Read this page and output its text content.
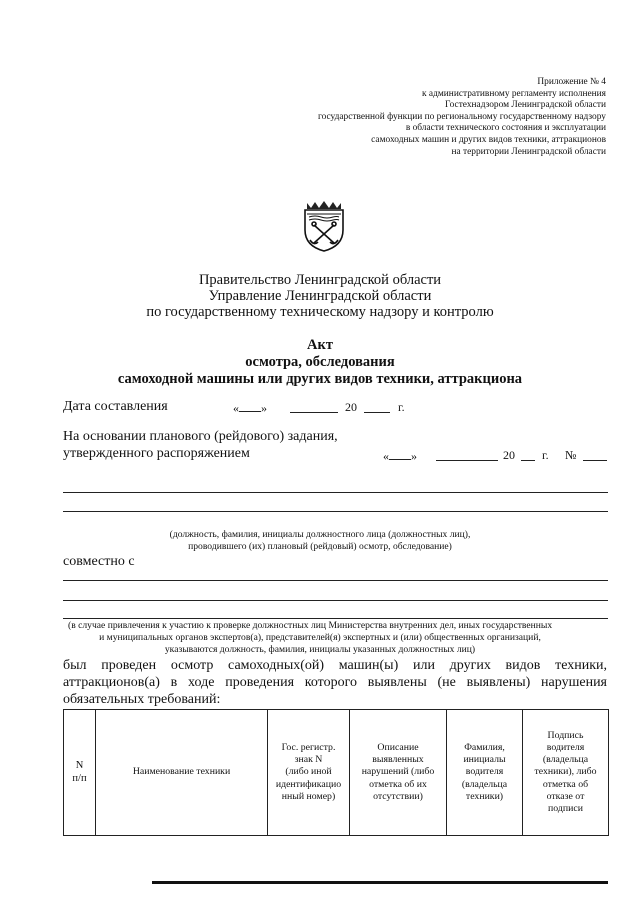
Приложение № 4
к административному регламенту исполнения
Гостехнадзором Ленинградской области
государственной функции по региональному государственному надзору
в области технического состояния и эксплуатации
самоходных машин и других видов техники, аттракционов
на территории Ленинградской области
Правительство Ленинградской области
Управление Ленинградской области
по государственному техническому надзору и контролю
Акт
осмотра, обследования
самоходной машины или других видов техники, аттракциона
Дата составления	« »	20	г.
На основании планового (рейдового) задания,
утвержденного распоряжением	« »	20 г. №
(должность, фамилия, инициалы должностного лица (должностных лиц),
проводившего (их) плановый (рейдовый) осмотр, обследование)
совместно с
(в случае привлечения к участию к проверке должностных лиц Министерства внутренних дел, иных государственных
и муниципальных органов экспертов(а), представителей(я) экспертных и (или) общественных организаций,
указываются должность, фамилия, инициалы указанных должностных лиц)
был проведен осмотр самоходных(ой) машин(ы) или других видов техники,
аттракционов(а) в ходе проведения которого выявлены (не выявлены) нарушения
обязательных требований:
N
п/п	Наименование техники	Гос. регистр.
знак N
(либо иной
идентификацио
нный номер)	Описание
выявленных
нарушений (либо
отметка об их
отсутствии)	Фамилия,
инициалы
водителя
(владельца
техники)	Подпись
водителя
(владельца
техники), либо
отметка об
отказе от
подписи
